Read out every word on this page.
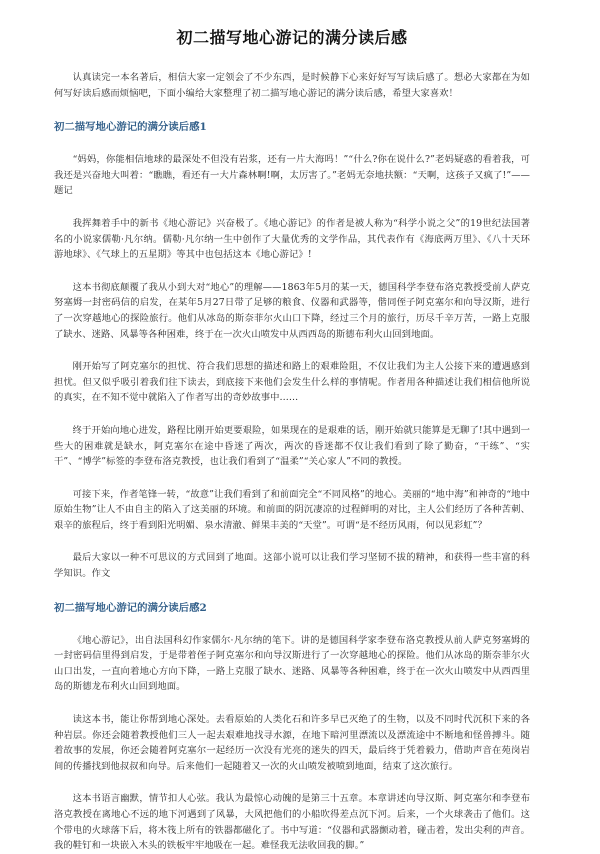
初二描写地心游记的满分读后感

认真读完一本名著后，相信大家一定领会了不少东西，是时候静下心来好好写写读后感了。想必大家都在为如何写好读后感而烦恼吧，下面小编给大家整理了初二描写地心游记的满分读后感，希望大家喜欢！

初二描写地心游记的满分读后感1

“妈妈，你能相信地球的最深处不但没有岩浆，还有一片大海吗！”“什么?你在说什么?”老妈疑惑的看着我，可我还是兴奋地大叫着：“瞧瞧，看还有一大片森林啊!啊，太厉害了。”老妈无奈地扶额：“天啊，这孩子又疯了!”——题记

我挥舞着手中的新书《地心游记》兴奋极了。《地心游记》的作者是被人称为“科学小说之父”的19世纪法国著名的小说家儒勒·凡尔纳。儒勒·凡尔纳一生中创作了大量优秀的文学作品，其代表作有《海底两万里》、《八十天环游地球》、《气球上的五星期》等其中也包括这本《地心游记》!

这本书彻底颠覆了我从小到大对“地心”的理解——1863年5月的某一天，德国科学李登布洛克教授受前人萨克努塞姆一封密码信的启发，在某年5月27日带了足够的粮食、仪器和武器等，偕同侄子阿克塞尔和向导汉斯，进行了一次穿越地心的探险旅行。他们从冰岛的斯奈菲尔火山口下降，经过三个月的旅行，历尽千辛万苦，一路上克服了缺水、迷路、风暴等各种困难，终于在一次火山喷发中从西西岛的斯德布利火山回到地面。

刚开始写了阿克塞尔的担忧、符合我们思想的描述和路上的艰难险阻，不仅让我们为主人公接下来的遭遇感到担忧。但又似乎吸引着我们往下读去，到底接下来他们会发生什么样的事情呢。作者用各种描述让我们相信他所说的真实，在不知不觉中就陷入了作者写出的奇妙故事中……

终于开始向地心进发，路程比刚开始更要艰险，如果现在的是艰难的话，刚开始就只能算是无聊了!其中遇到一些大的困难就是缺水，阿克塞尔在途中昏迷了两次，两次的昏迷都不仅让我们看到了除了勤奋，“干练”、“实干”、“博学”标签的李登布洛克教授，也让我们看到了“温柔”“关心家人”不同的教授。

可接下来，作者笔锋一转，“故意”让我们看到了和前面完全“不同风格”的地心。美丽的“地中海”和神奇的“地中原始生物”让人不由自主的陷入了这美丽的环境。和前面的阴沉凄凉的过程鲜明的对比，主人公们经历了各种苦刺、艰辛的旅程后，终于看到阳光明媚、泉水清澈、鲜果丰美的“天堂”。可谓“是不经历风雨，何以见彩虹”？

最后大家以一种不可思议的方式回到了地面。这部小说可以让我们学习坚韧不拔的精神，和获得一些丰富的科学知识。作文

初二描写地心游记的满分读后感2

《地心游记》，出自法国科幻作家儒尔·凡尔纳的笔下。讲的是德国科学家李登布洛克教授从前人萨克努塞姆的一封密码信里得到启发，于是带着侄子阿克塞尔和向导汉斯进行了一次穿越地心的探险。他们从冰岛的斯奈菲尔火山口出发，一直向着地心方向下降，一路上克服了缺水、迷路、风暴等各种困难，终于在一次火山喷发中从西西里岛的斯德龙布利火山回到地面。

读这本书，能让你帮到地心深处。去看原始的人类化石和许多早已灭绝了的生物，以及不同时代沉积下来的各种岩层。你还会随着教授他们三人一起去艰难地找寻水源，在地下暗河里漂流以及漂流途中不断地和怪兽搏斗。随着故事的发展，你还会随着阿克塞尔一起经历一次没有光亮的迷失的四天，最后终于凭着毅力，借助声音在苑岗岩间的传播找到他叔叔和向导。后来他们一起随着又一次的火山喷发被喷到地面，结束了这次旅行。

这本书语言幽默，情节扣人心弦。我认为最惊心动魄的是第三十五章。本章讲述向导汉斯、阿克塞尔和李登布洛克教授在离地心不远的地下河遇到了风暴，大风把他们的小船吹得差点沉下河。后来，一个火球袭击了他们。这个带电的火球落下后，将木筏上所有的铁器都磁化了。书中写道：“仪器和武器颤动着，碰击着，发出尖利的声音。我的鞋钉和一块嵌入木头的铁板牢牢地吸在一起。难怪我无法收回我的脚。”
